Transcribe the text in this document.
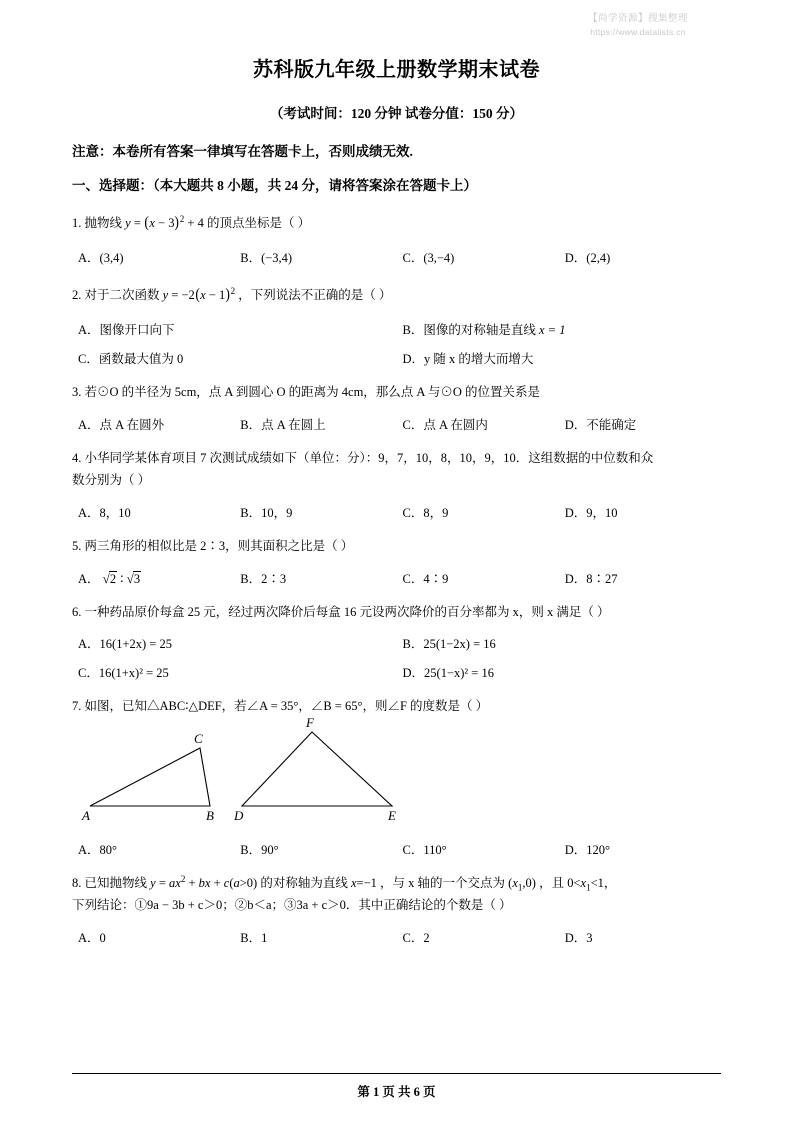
【尚学资源】搜集整理
https://www.datalists.cn
苏科版九年级上册数学期末试卷
（考试时间：120 分钟 试卷分值：150 分）
注意：本卷所有答案一律填写在答题卡上，否则成绩无效.
一、选择题：（本大题共 8 小题，共 24 分，请将答案涂在答题卡上）
1. 抛物线 $y = (x - 3)^2 + 4$ 的顶点坐标是（ ）
A．(3,4)	B．(−3,4)	C．(3,−4)	D．(2,4)
2. 对于二次函数 $y = -2(x - 1)^2$ ，下列说法不正确的是（ ）
A．图像开口向下	B．图像的对称轴是直线 x = 1
C．函数最大值为 0	D．y 随 x 的增大而增大
3. 若⊙O 的半径为 5cm，点 A 到圆心 O 的距离为 4cm，那么点 A 与⊙O 的位置关系是
A．点 A 在圆外	B．点 A 在圆上	C．点 A 在圆内	D．不能确定
4. 小华同学某体育项目 7 次测试成绩如下（单位：分）：9，7，10，8，10，9，10．这组数据的中位数和众
数分别为（ ）
A．8，10	B．10，9	C．8，9	D．9，10
5. 两三角形的相似比是 2∶3，则其面积之比是（ ）
A． √2 ∶ √3	B．2∶3	C．4∶9	D．8∶27
6. 一种药品原价每盒 25 元，经过两次降价后每盒 16 元设两次降价的百分率都为 x，则 x 满足（ ）
A．16(1+2x) = 25	B．25(1−2x) = 16
C．16(1+x)² = 25	D．25(1−x)² = 16
7. 如图，已知△ABC∶△DEF，若∠A = 35°，∠B = 65°，则∠F 的度数是（ ）
A	B
C
D	E
F
A．80°	B．90°	C．110°	D．120°
8. 已知抛物线 $y = ax^2$ + bx + c(a>0) 的对称轴为直线 x=−1 ，与 x 轴的一个交点为 $(x_1,0)$ ，且 $0<x_1<1$，
下列结论：①9a − 3b + c＞0；②b＜a；③3a + c＞0．其中正确结论的个数是（ ）
A．0	B．1	C．2	D．3
第 1 页 共 6 页
